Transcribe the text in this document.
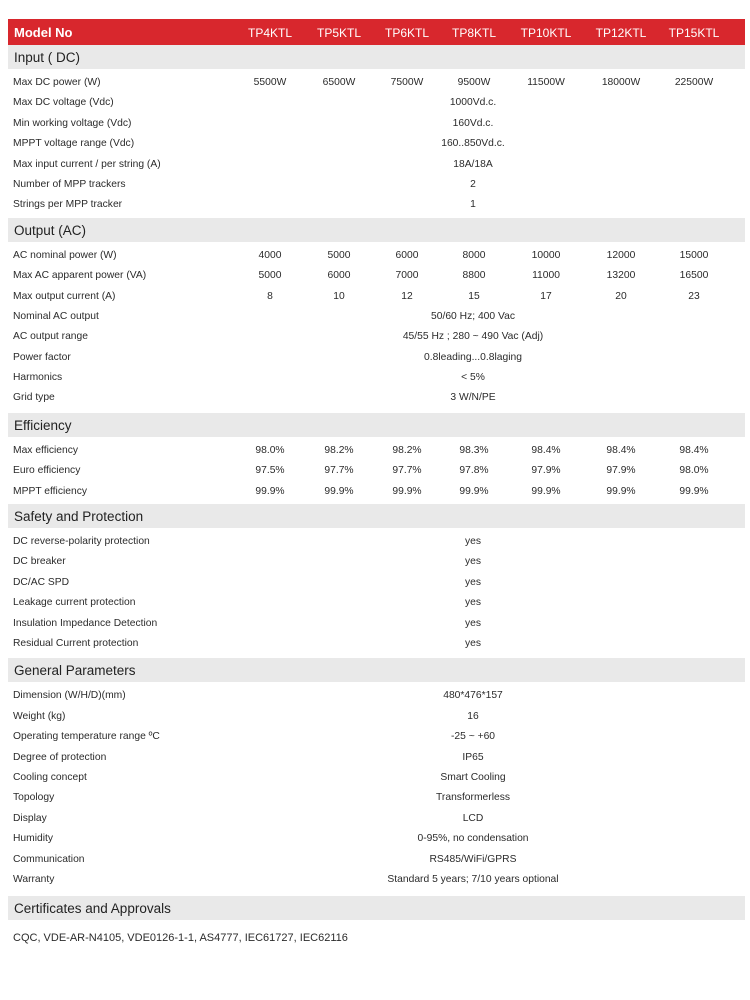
Model No	TP4KTL	TP5KTL	TP6KTL	TP8KTL	TP10KTL	TP12KTL	TP15KTL
Input ( DC)
Max DC power (W)	5500W	6500W	7500W	9500W	11500W	18000W	22500W
Max DC voltage (Vdc)	1000Vd.c.
Min working voltage (Vdc)	160Vd.c.
MPPT voltage range (Vdc)	160..850Vd.c.
Max input current / per string (A)	18A/18A
Number of MPP trackers	2
Strings per MPP tracker	1
Output (AC)
AC nominal power (W)	4000	5000	6000	8000	10000	12000	15000
Max AC apparent power (VA)	5000	6000	7000	8800	11000	13200	16500
Max output current (A)	8	10	12	15	17	20	23
Nominal AC output	50/60 Hz; 400 Vac
AC output range	45/55 Hz ; 280 ~ 490 Vac (Adj)
Power factor	0.8leading...0.8laging
Harmonics	< 5%
Grid type	3 W/N/PE
Efficiency
Max efficiency	98.0%	98.2%	98.2%	98.3%	98.4%	98.4%	98.4%
Euro efficiency	97.5%	97.7%	97.7%	97.8%	97.9%	97.9%	98.0%
MPPT efficiency	99.9%	99.9%	99.9%	99.9%	99.9%	99.9%	99.9%
Safety and Protection
DC reverse-polarity protection	yes
DC breaker	yes
DC/AC SPD	yes
Leakage current protection	yes
Insulation Impedance Detection	yes
Residual Current protection	yes
General Parameters
Dimension (W/H/D)(mm)	480*476*157
Weight (kg)	16
Operating temperature range ºC	-25 ~ +60
Degree of protection	IP65
Cooling concept	Smart Cooling
Topology	Transformerless
Display	LCD
Humidity	0-95%, no condensation
Communication	RS485/WiFi/GPRS
Warranty	Standard 5 years; 7/10 years optional
Certificates and Approvals
CQC, VDE-AR-N4105, VDE0126-1-1, AS4777, IEC61727, IEC62116
